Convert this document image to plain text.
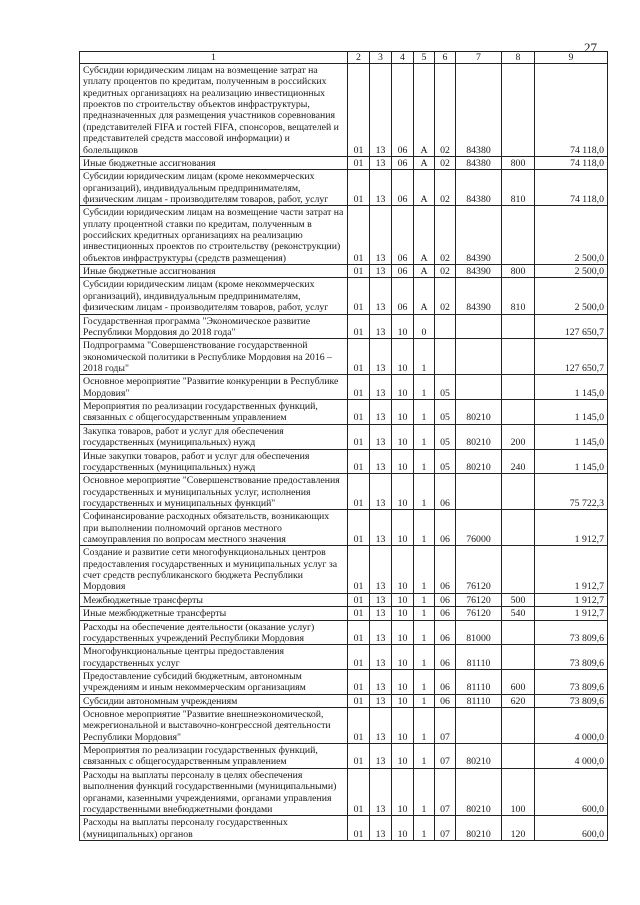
27
1	2	3	4	5	6	7	8	9
Субсидии юридическим лицам на возмещение затрат на уплату процентов по кредитам, полученным в российских кредитных организациях на реализацию инвестиционных проектов по строительству объектов инфраструктуры, предназначенных для размещения участников соревнования (представителей FIFA и гостей FIFA, спонсоров, вещателей и представителей средств массовой информации) и болельщиков	01	13	06	А	02	84380		74 118,0
Иные бюджетные ассигнования	01	13	06	А	02	84380	800	74 118,0
Субсидии юридическим лицам (кроме некоммерческих организаций), индивидуальным предпринимателям, физическим лицам - производителям товаров, работ, услуг	01	13	06	А	02	84380	810	74 118,0
Субсидии юридическим лицам на возмещение части затрат на уплату процентной ставки по кредитам, полученным в российских кредитных организациях на реализацию инвестиционных проектов по строительству (реконструкции) объектов инфраструктуры (средств размещения)	01	13	06	А	02	84390		2 500,0
Иные бюджетные ассигнования	01	13	06	А	02	84390	800	2 500,0
Субсидии юридическим лицам (кроме некоммерческих организаций), индивидуальным предпринимателям, физическим лицам - производителям товаров, работ, услуг	01	13	06	А	02	84390	810	2 500,0
Государственная программа "Экономическое развитие Республики Мордовия до 2018 года"	01	13	10	0				127 650,7
Подпрограмма "Совершенствование государственной экономической политики в Республике Мордовия на 2016 – 2018 годы"	01	13	10	1				127 650,7
Основное мероприятие "Развитие конкуренции в Республике Мордовия"	01	13	10	1	05			1 145,0
Мероприятия по реализации государственных функций, связанных с общегосударственным управлением	01	13	10	1	05	80210		1 145,0
Закупка товаров, работ и услуг для обеспечения государственных (муниципальных) нужд	01	13	10	1	05	80210	200	1 145,0
Иные закупки товаров, работ и услуг для обеспечения государственных (муниципальных) нужд	01	13	10	1	05	80210	240	1 145,0
Основное мероприятие "Совершенствование предоставления государственных и муниципальных услуг, исполнения государственных и муниципальных функций"	01	13	10	1	06			75 722,3
Софинансирование расходных обязательств, возникающих при выполнении полномочий органов местного самоуправления по вопросам местного значения	01	13	10	1	06	76000		1 912,7
Создание и развитие сети многофункциональных центров предоставления государственных и муниципальных услуг за счет средств республиканского бюджета Республики Мордовия	01	13	10	1	06	76120		1 912,7
Межбюджетные трансферты	01	13	10	1	06	76120	500	1 912,7
Иные межбюджетные трансферты	01	13	10	1	06	76120	540	1 912,7
Расходы на обеспечение деятельности (оказание услуг) государственных учреждений Республики Мордовия	01	13	10	1	06	81000		73 809,6
Многофункциональные центры предоставления государственных услуг	01	13	10	1	06	81110		73 809,6
Предоставление субсидий бюджетным, автономным учреждениям и иным некоммерческим организациям	01	13	10	1	06	81110	600	73 809,6
Субсидии автономным учреждениям	01	13	10	1	06	81110	620	73 809,6
Основное мероприятие "Развитие внешнеэкономической, межрегиональной и выставочно-конгрессной деятельности Республики Мордовия"	01	13	10	1	07			4 000,0
Мероприятия по реализации государственных функций, связанных с общегосударственным управлением	01	13	10	1	07	80210		4 000,0
Расходы на выплаты персоналу в целях обеспечения выполнения функций государственными (муниципальными) органами, казенными учреждениями, органами управления государственными внебюджетными фондами	01	13	10	1	07	80210	100	600,0
Расходы на выплаты персоналу государственных (муниципальных) органов	01	13	10	1	07	80210	120	600,0
